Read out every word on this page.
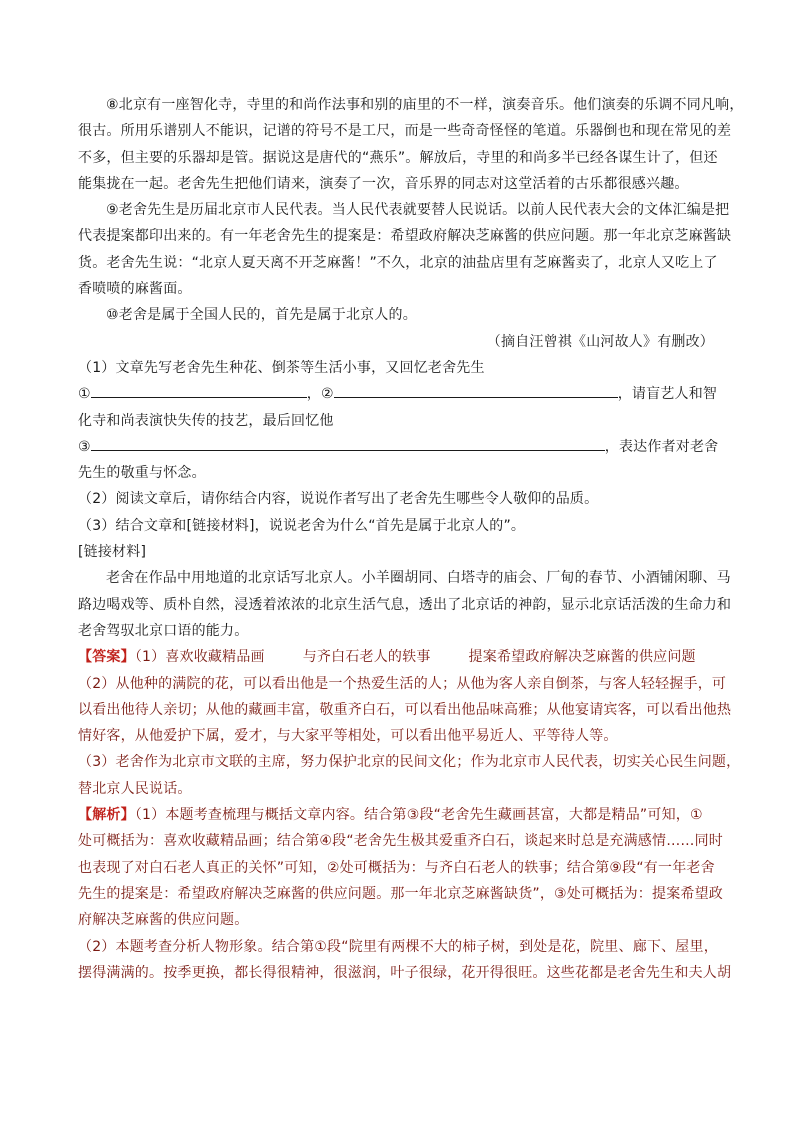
⑧北京有一座智化寺，寺里的和尚作法事和别的庙里的不一样，演奏音乐。他们演奏的乐调不同凡响，
很古。所用乐谱别人不能识，记谱的符号不是工尺，而是一些奇奇怪怪的笔道。乐器倒也和现在常见的差
不多，但主要的乐器却是管。据说这是唐代的“燕乐”。解放后，寺里的和尚多半已经各谋生计了，但还
能集拢在一起。老舍先生把他们请来，演奏了一次，音乐界的同志对这堂活着的古乐都很感兴趣。
⑨老舍先生是历届北京市人民代表。当人民代表就要替人民说话。以前人民代表大会的文体汇编是把
代表提案都印出来的。有一年老舍先生的提案是：希望政府解决芝麻酱的供应问题。那一年北京芝麻酱缺
货。老舍先生说：“北京人夏天离不开芝麻酱！”不久，北京的油盐店里有芝麻酱卖了，北京人又吃上了
香喷喷的麻酱面。
⑩老舍是属于全国人民的，首先是属于北京人的。
（摘自汪曾祺《山河故人》有删改）
（1）文章先写老舍先生种花、倒茶等生活小事，又回忆老舍先生
①	，②	，请盲艺人和智
化寺和尚表演快失传的技艺，最后回忆他
③	，表达作者对老舍
先生的敬重与怀念。
（2）阅读文章后，请你结合内容，说说作者写出了老舍先生哪些令人敬仰的品质。
（3）结合文章和[链接材料]，说说老舍为什么“首先是属于北京人的”。
[链接材料]
老舍在作品中用地道的北京话写北京人。小羊圈胡同、白塔寺的庙会、厂甸的春节、小酒铺闲聊、马
路边喝戏等、质朴自然，浸透着浓浓的北京生活气息，透出了北京话的神韵，显示北京话活泼的生命力和
老舍驾驭北京口语的能力。
【答案】（1）喜欢收藏精品画	与齐白石老人的轶事	提案希望政府解决芝麻酱的供应问题
（2）从他种的满院的花，可以看出他是一个热爱生活的人；从他为客人亲自倒茶，与客人轻轻握手，可
以看出他待人亲切；从他的藏画丰富，敬重齐白石，可以看出他品味高雅；从他宴请宾客，可以看出他热
情好客，从他爱护下属，爱才，与大家平等相处，可以看出他平易近人、平等待人等。
（3）老舍作为北京市文联的主席，努力保护北京的民间文化；作为北京市人民代表，切实关心民生问题，
替北京人民说话。
【解析】（1）本题考查梳理与概括文章内容。结合第③段“老舍先生藏画甚富，大都是精品”可知，①
处可概括为：喜欢收藏精品画；结合第④段“老舍先生极其爱重齐白石，谈起来时总是充满感情……同时
也表现了对白石老人真正的关怀”可知，②处可概括为：与齐白石老人的轶事；结合第⑨段“有一年老舍
先生的提案是：希望政府解决芝麻酱的供应问题。那一年北京芝麻酱缺货”，③处可概括为：提案希望政
府解决芝麻酱的供应问题。
（2）本题考查分析人物形象。结合第①段“院里有两棵不大的柿子树，到处是花，院里、廊下、屋里，
摆得满满的。按季更换，都长得很精神，很滋润，叶子很绿，花开得很旺。这些花都是老舍先生和夫人胡
